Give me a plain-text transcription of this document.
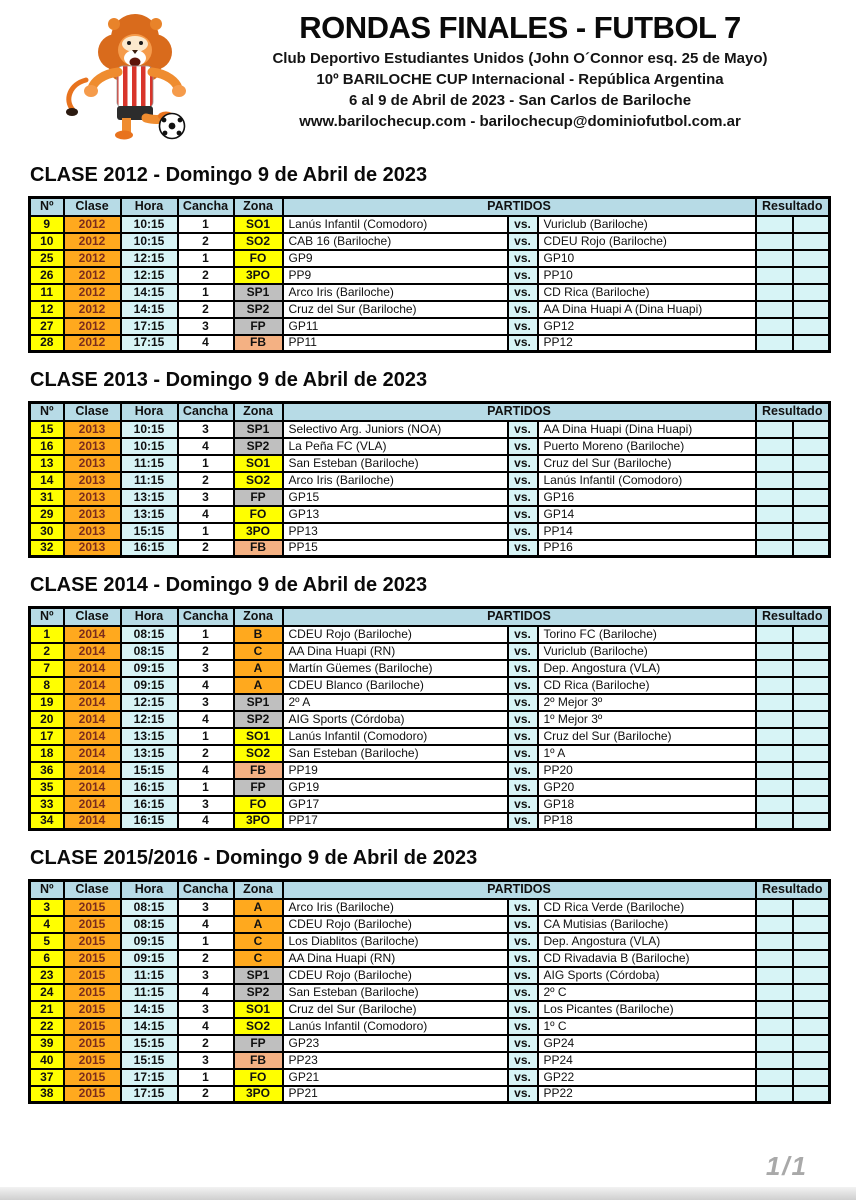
RONDAS FINALES - FUTBOL 7
Club Deportivo Estudiantes Unidos (John O´Connor esq. 25 de Mayo)
10º BARILOCHE CUP Internacional - República Argentina
6 al 9 de Abril de 2023 - San Carlos de Bariloche
www.barilochecup.com - barilochecup@dominiofutbol.com.ar
CLASE 2012 - Domingo 9 de Abril de 2023
Nº	Clase	Hora	Cancha	Zona	PARTIDOS			Resultado	
9	2012	10:15	1	SO1	Lanús Infantil (Comodoro)	vs.	Vuriclub (Bariloche)		
10	2012	10:15	2	SO2	CAB 16 (Bariloche)	vs.	CDEU Rojo (Bariloche)		
25	2012	12:15	1	FO	GP9	vs.	GP10		
26	2012	12:15	2	3PO	PP9	vs.	PP10		
11	2012	14:15	1	SP1	Arco Iris (Bariloche)	vs.	CD Rica (Bariloche)		
12	2012	14:15	2	SP2	Cruz del Sur (Bariloche)	vs.	AA Dina Huapi A (Dina Huapi)		
27	2012	17:15	3	FP	GP11	vs.	GP12		
28	2012	17:15	4	FB	PP11	vs.	PP12		
CLASE 2013 - Domingo 9 de Abril de 2023
Nº	Clase	Hora	Cancha	Zona	PARTIDOS			Resultado	
15	2013	10:15	3	SP1	Selectivo Arg. Juniors (NOA)	vs.	AA Dina Huapi (Dina Huapi)		
16	2013	10:15	4	SP2	La Peña FC (VLA)	vs.	Puerto Moreno (Bariloche)		
13	2013	11:15	1	SO1	San Esteban (Bariloche)	vs.	Cruz del Sur (Bariloche)		
14	2013	11:15	2	SO2	Arco Iris (Bariloche)	vs.	Lanús Infantil (Comodoro)		
31	2013	13:15	3	FP	GP15	vs.	GP16		
29	2013	13:15	4	FO	GP13	vs.	GP14		
30	2013	15:15	1	3PO	PP13	vs.	PP14		
32	2013	16:15	2	FB	PP15	vs.	PP16		
CLASE 2014 - Domingo 9 de Abril de 2023
Nº	Clase	Hora	Cancha	Zona	PARTIDOS			Resultado	
1	2014	08:15	1	B	CDEU Rojo (Bariloche)	vs.	Torino FC (Bariloche)		
2	2014	08:15	2	C	AA Dina Huapi (RN)	vs.	Vuriclub (Bariloche)		
7	2014	09:15	3	A	Martín Güemes (Bariloche)	vs.	Dep. Angostura (VLA)		
8	2014	09:15	4	A	CDEU Blanco (Bariloche)	vs.	CD Rica (Bariloche)		
19	2014	12:15	3	SP1	2º A	vs.	2º Mejor 3º		
20	2014	12:15	4	SP2	AIG Sports (Córdoba)	vs.	1º Mejor 3º		
17	2014	13:15	1	SO1	Lanús Infantil (Comodoro)	vs.	Cruz del Sur (Bariloche)		
18	2014	13:15	2	SO2	San Esteban (Bariloche)	vs.	1º A		
36	2014	15:15	4	FB	PP19	vs.	PP20		
35	2014	16:15	1	FP	GP19	vs.	GP20		
33	2014	16:15	3	FO	GP17	vs.	GP18		
34	2014	16:15	4	3PO	PP17	vs.	PP18		
CLASE 2015/2016 - Domingo 9 de Abril de 2023
Nº	Clase	Hora	Cancha	Zona	PARTIDOS			Resultado	
3	2015	08:15	3	A	Arco Iris (Bariloche)	vs.	CD Rica Verde (Bariloche)		
4	2015	08:15	4	A	CDEU Rojo (Bariloche)	vs.	CA Mutisias (Bariloche)		
5	2015	09:15	1	C	Los Diablitos (Bariloche)	vs.	Dep. Angostura (VLA)		
6	2015	09:15	2	C	AA Dina Huapi (RN)	vs.	CD Rivadavia B (Bariloche)		
23	2015	11:15	3	SP1	CDEU Rojo (Bariloche)	vs.	AIG Sports (Córdoba)		
24	2015	11:15	4	SP2	San Esteban (Bariloche)	vs.	2º C		
21	2015	14:15	3	SO1	Cruz del Sur (Bariloche)	vs.	Los Picantes (Bariloche)		
22	2015	14:15	4	SO2	Lanús Infantil (Comodoro)	vs.	1º C		
39	2015	15:15	2	FP	GP23	vs.	GP24		
40	2015	15:15	3	FB	PP23	vs.	PP24		
37	2015	17:15	1	FO	GP21	vs.	GP22		
38	2015	17:15	2	3PO	PP21	vs.	PP22		
1/1
